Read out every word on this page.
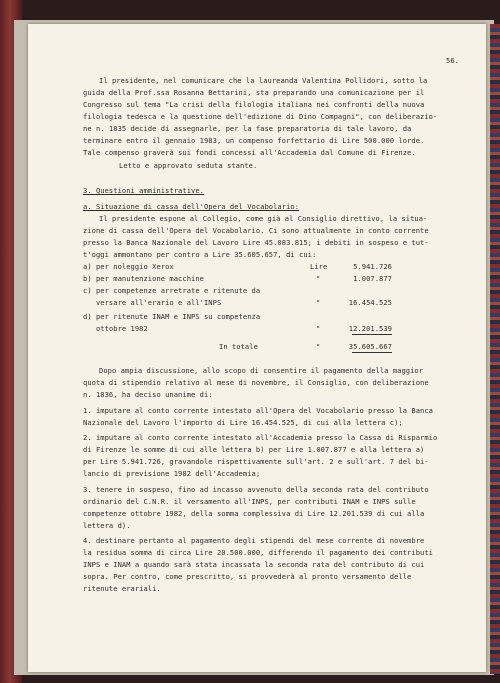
56.
Il presidente, nel comunicare che la laureanda Valentina Pollidori, sotto la
guida della Prof.ssa Rosanna Bettarini, sta preparando una comunicazione per il
Congresso sul tema "La crisi della filologia italiana nei confronti della nuova
filologia tedesca e la questione dell'edizione di Dino Compagni", con deliberazio-
ne n. 1835 decide di assegnarle, per la fase preparatoria di tale lavoro, da
terminare entro il gennaio 1983, un compenso forfettario di Lire 500.000 lorde.
Tale compenso graverà sui fondi concessi all'Accademia dal Comune di Firenze.
Letto e approvato seduta stante.
3. Questioni amministrative.
a. Situazione di cassa dell'Opera del Vocabolario:
Il presidente espone al Collegio, come già al Consiglio direttivo, la situa-
zione di cassa dell'Opera del Vocabolario. Ci sono attualmente in conto corrente
presso la Banca Nazionale del Lavoro Lire 45.083.815; i debiti in sospeso e tut-
t'oggi ammontano per contro a Lire 35.605.657, di cui:
a) per noleggio Xerox	Lire	5.941.726
b) per manutenzione macchine	"	1.007.877
c) per competenze arretrate e ritenute da
versare all'erario e all'INPS	"	16.454.525
d) per ritenute INAM e INPS su competenza
ottobre 1982	"	12.201.539
In totale	"	35.605.667
Dopo ampia discussione, allo scopo di consentire il pagamento della maggior
quota di stipendio relativo al mese di novembre, il Consiglio, con deliberazione
n. 1836, ha deciso unanime di:
1. imputare al conto corrente intestato all'Opera del Vocabolario presso la Banca
Nazionale del Lavoro l'importo di Lire 16.454.525, di cui alla lettera c);
2. imputare al conto corrente intestato all'Accademia presso la Cassa di Risparmio
di Firenze le somme di cui alle lettera b) per Lire 1.007.877 e alla lettera a)
per Lire 5.941.726, gravandole rispettivamente sull'art. 2 e sull'art. 7 del bi-
lancio di previsione 1982 dell'Accademia;
3. tenere in sospeso, fino ad incasso avvenuto della seconda rata del contributo
ordinario del C.N.R. il versamento all'INPS, per contributi INAM e INPS sulle
competenze ottobre 1982, della somma complessiva di Lire 12.201.539 di cui alla
lettera d).
4. destinare pertanto al pagamento degli stipendi del mese corrente di novembre
la residua somma di circa Lire 20.500.000, differendo il pagamento dei contributi
INPS e INAM a quando sarà stata incassata la seconda rata del contributo di cui
sopra. Per contro, come prescritto, si provvederà al pronto versamento delle
ritenute erariali.
